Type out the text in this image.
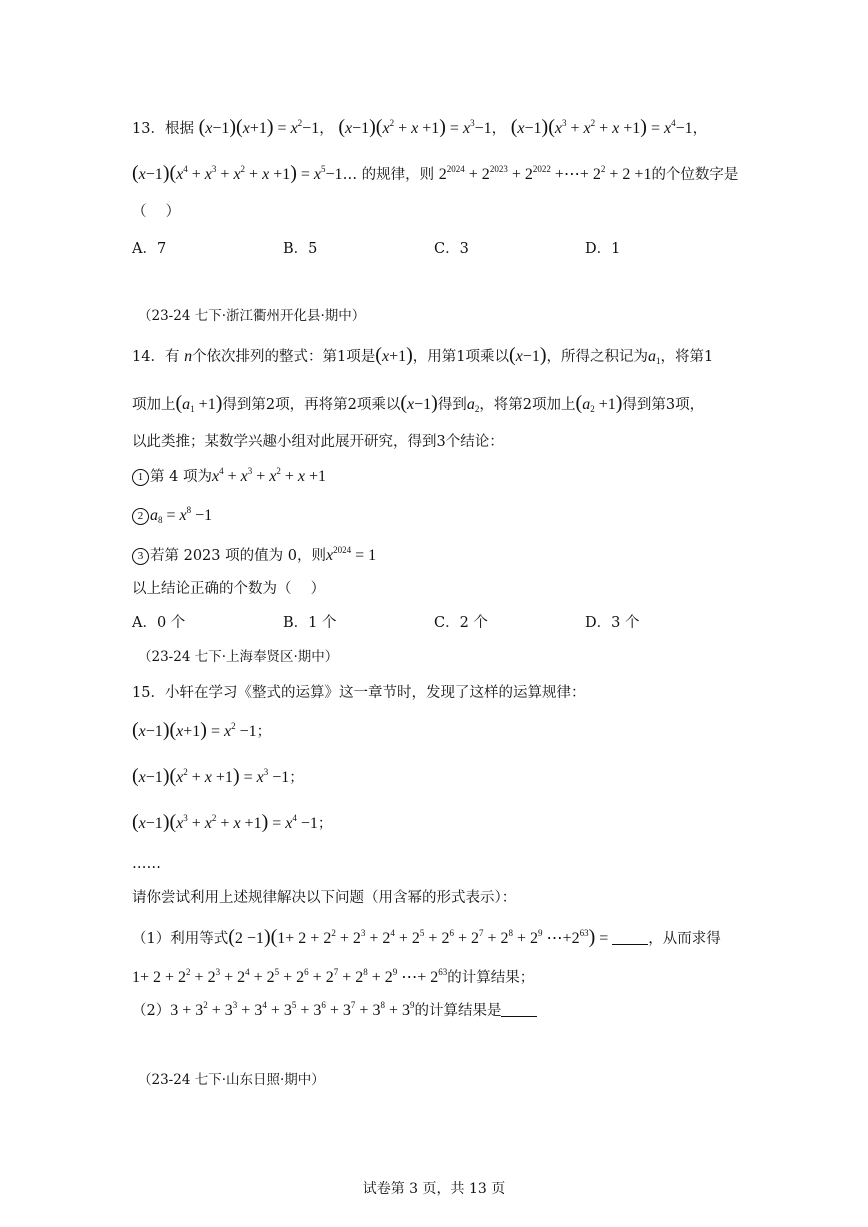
13．根据 $(x-1)(x+1) = x^2-1$， $(x-1)(x^2 + x +1) = x^3-1$， $(x-1)(x^3 + x^2 + x +1) = x^4-1$，
$(x-1)(x^4 + x^3 + x^2 + x +1)$ = $x^5-1\dots$ 的规律，则 $2^{2024} + 2^{2023} + 2^{2022}$ +⋯+ $2^2 + 2 +1$的个位数字是
（　 ）
A．7	B．5	C．3	D．1
（23-24 七下·浙江衢州开化县·期中）
14．有 n个依次排列的整式：第1项是(x+1)，用第1项乘以(x−1)，所得之积记为$a_1$，将第1
项加上$(a_1 +1)$得到第2项，再将第2项乘以(x−1)得到$a_2$，将第2项加上$(a_2 +1)$得到第3项，
以此类推；某数学兴趣小组对此展开研究，得到3个结论：
1 第 4 项为$x^4 + x^3 + x^2 + x +1$
2 $a_8 = x^8 -1$
3 若第 2023 项的值为 0，则$x^{2024} = 1$
以上结论正确的个数为（　 ）
A．0 个	B．1 个	C．2 个	D．3 个
（23-24 七下·上海奉贤区·期中）
15．小轩在学习《整式的运算》这一章节时，发现了这样的运算规律：
$(x-1)(x+1) = x^2 -1$；
$(x-1)(x^2 + x +1) = x^3 -1$；
$(x-1)(x^3 + x^2 + x +1) = x^4 -1$；
……
请你尝试利用上述规律解决以下问题（用含幂的形式表示）：
（1）利用等式$(2 -1)(1+ 2 + 2^2 + 2^3 + 2^4 + 2^5 + 2^6 + 2^7 + 2^8 + 2^9$ $\cdots+2^{63}$) = ，从而求得
$1+ 2 + 2^2 + 2^3 + 2^4 + 2^5 + 2^6 + 2^7 + 2^8 + 2^9$ ⋯+ $2^{63}$的计算结果；
$(2)3 + 3^2 + 3^3 + 3^4 + 3^5 + 3^6 + 3^7 + 3^8 + 3^9$的计算结果是
（23-24 七下·山东日照·期中）
试卷第 3 页，共 13 页
